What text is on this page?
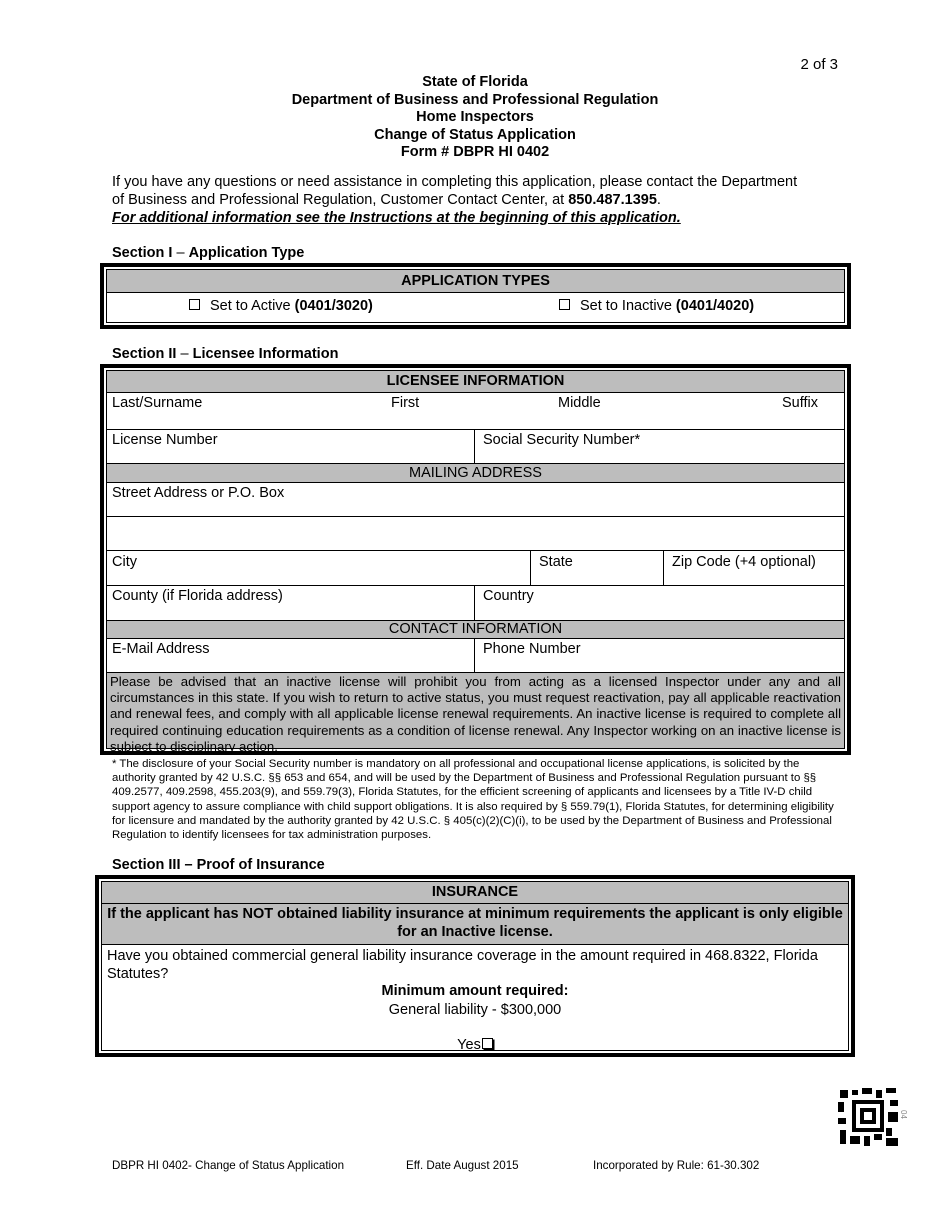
2 of 3
State of Florida
Department of Business and Professional Regulation
Home Inspectors
Change of Status Application
Form # DBPR HI 0402
If you have any questions or need assistance in completing this application, please contact the Department of Business and Professional Regulation, Customer Contact Center, at 850.487.1395.
For additional information see the Instructions at the beginning of this application.
Section I – Application Type
APPLICATION TYPES
Set to Active (0401/3020)	Set to Inactive (0401/4020)
Section II – Licensee Information
LICENSEE INFORMATION
Last/Surname	First	Middle	Suffix
License Number	Social Security Number*
MAILING ADDRESS
Street Address or P.O. Box
City	State	Zip Code (+4 optional)
County (if Florida address)	Country
CONTACT INFORMATION
E-Mail Address	Phone Number
Please be advised that an inactive license will prohibit you from acting as a licensed Inspector under any and all circumstances in this state. If you wish to return to active status, you must request reactivation, pay all applicable reactivation and renewal fees, and comply with all applicable license renewal requirements. An inactive license is required to complete all required continuing education requirements as a condition of license renewal. Any Inspector working on an inactive license is subject to disciplinary action.
* The disclosure of your Social Security number is mandatory on all professional and occupational license applications, is solicited by the authority granted by 42 U.S.C. §§ 653 and 654, and will be used by the Department of Business and Professional Regulation pursuant to §§ 409.2577, 409.2598, 455.203(9), and 559.79(3), Florida Statutes, for the efficient screening of applicants and licensees by a Title IV-D child support agency to assure compliance with child support obligations. It is also required by § 559.79(1), Florida Statutes, for determining eligibility for licensure and mandated by the authority granted by 42 U.S.C. § 405(c)(2)(C)(i), to be used by the Department of Business and Professional Regulation to identify licensees for tax administration purposes.
Section III – Proof of Insurance
INSURANCE
If the applicant has NOT obtained liability insurance at minimum requirements the applicant is only eligible for an Inactive license.
Have you obtained commercial general liability insurance coverage in the amount required in 468.8322, Florida Statutes?
Minimum amount required:
General liability - $300,000
Yes
04
DBPR HI 0402- Change of Status Application	Eff. Date August 2015	Incorporated by Rule: 61-30.302
